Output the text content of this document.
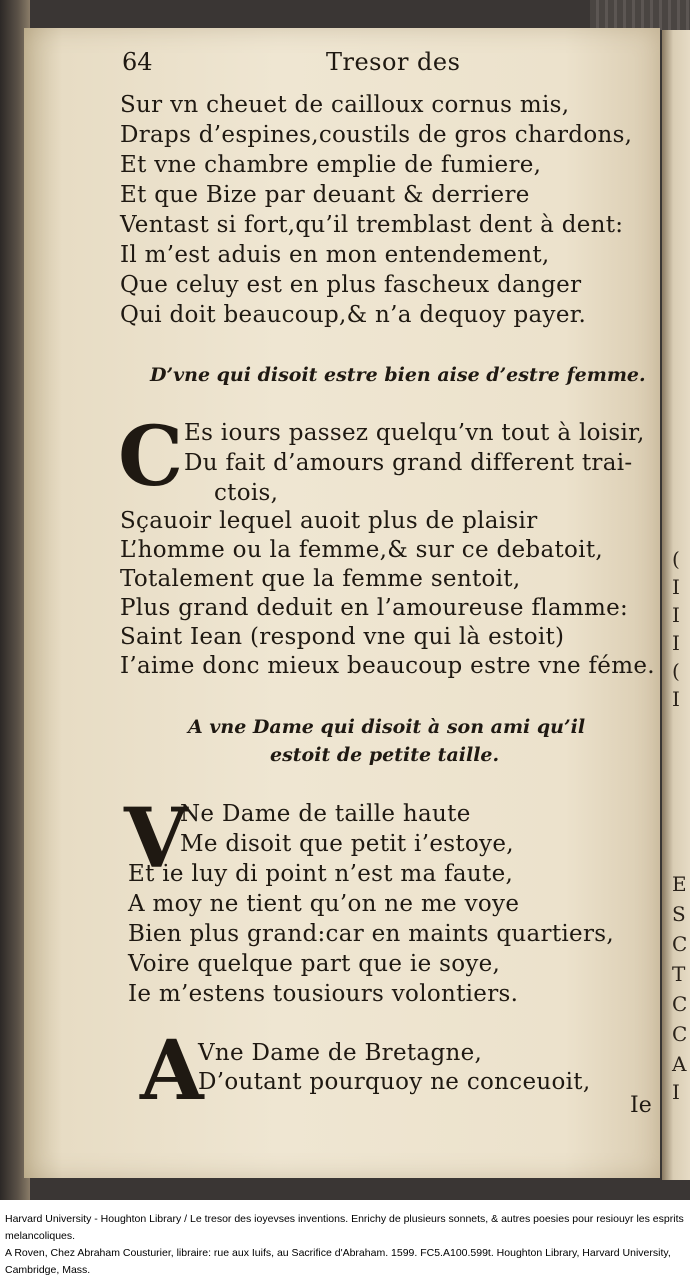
(
I
I
I
(
I
E
S
C
T
C
C
A
I
64	Tresor des
Sur vn cheuet de cailloux cornus mis,
Draps d’espines,coustils de gros chardons,
Et vne chambre emplie de fumiere,
Et que Bize par deuant & derriere
Ventast si fort,qu’il tremblast dent à dent:
Il m’est aduis en mon entendement,
Que celuy est en plus fascheux danger
Qui doit beaucoup,& n’a dequoy payer.
D’vne qui disoit estre bien aise d’estre femme.
C Es iours passez quelqu’vn tout à loisir,
Du fait d’amours grand different trai-
ctois,
Sçauoir lequel auoit plus de plaisir
L’homme ou la femme,& sur ce debatoit,
Totalement que la femme sentoit,
Plus grand deduit en l’amoureuse flamme:
Saint Iean (respond vne qui là estoit)
I’aime donc mieux beaucoup estre vne féme.
A vne Dame qui disoit à son ami qu’il
estoit de petite taille.
V
Ne Dame de taille haute
Me disoit que petit i’estoye,
Et ie luy di point n’est ma faute,
A moy ne tient qu’on ne me voye
Bien plus grand:car en maints quartiers,
Voire quelque part que ie soye,
Ie m’estens tousiours volontiers.
A
Vne Dame de Bretagne,
D’outant pourquoy ne conceuoit,
Ie
Harvard University - Houghton Library / Le tresor des ioyevses inventions. Enrichy de plusieurs sonnets, & autres poesies pour resiouyr les esprits melancoliques.
A Roven, Chez Abraham Cousturier, libraire: rue aux Iuifs, au Sacrifice d'Abraham. 1599. FC5.A100.599t. Houghton Library, Harvard University, Cambridge, Mass.
